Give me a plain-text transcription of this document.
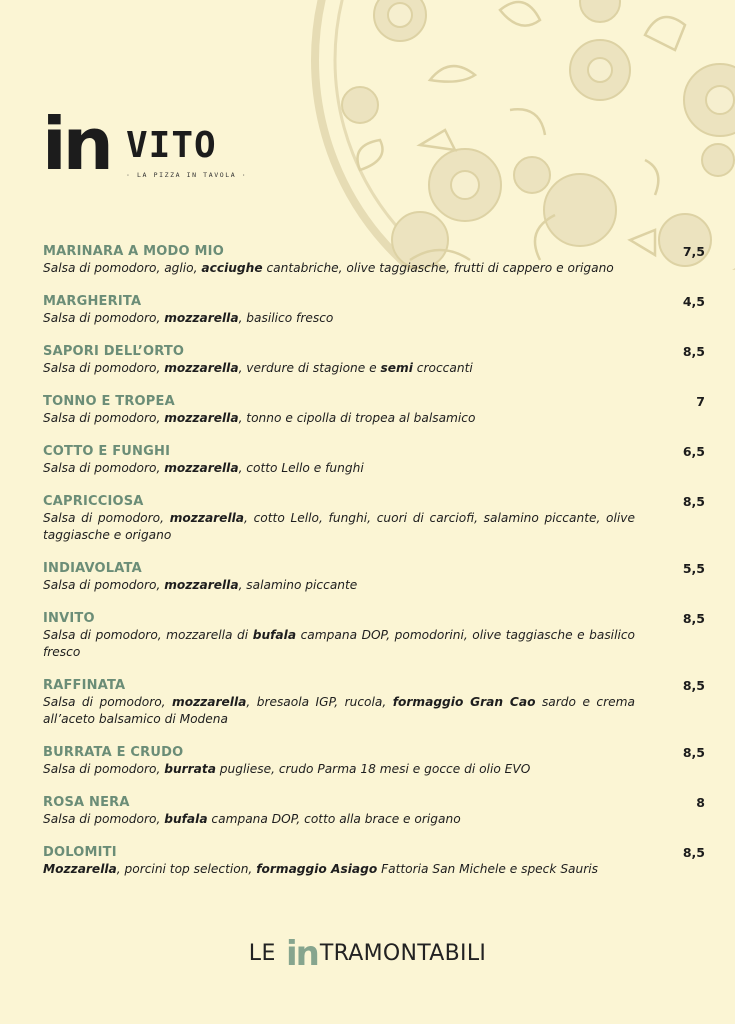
in VITO
· LA PIZZA IN TAVOLA ·
MARINARA A MODO MIO
Salsa di pomodoro, aglio, acciughe cantabriche, olive taggiasche, frutti di cappero e origano
7,5
MARGHERITA
Salsa di pomodoro, mozzarella, basilico fresco
4,5
SAPORI DELL’ORTO
Salsa di pomodoro, mozzarella, verdure di stagione e semi croccanti
8,5
TONNO E TROPEA
Salsa di pomodoro, mozzarella, tonno e cipolla di tropea al balsamico
7
COTTO E FUNGHI
Salsa di pomodoro, mozzarella, cotto Lello e funghi
6,5
CAPRICCIOSA
Salsa di pomodoro, mozzarella, cotto Lello, funghi, cuori di carciofi, salamino piccante, olive taggiasche e origano
8,5
INDIAVOLATA
Salsa di pomodoro, mozzarella, salamino piccante
5,5
INVITO
Salsa di pomodoro, mozzarella di bufala campana DOP, pomodorini, olive taggiasche e basilico fresco
8,5
RAFFINATA
Salsa di pomodoro, mozzarella, bresaola IGP, rucola, formaggio Gran Cao sardo e crema all’aceto balsamico di Modena
8,5
BURRATA E CRUDO
Salsa di pomodoro, burrata pugliese, crudo Parma 18 mesi e gocce di olio EVO
8,5
ROSA NERA
Salsa di pomodoro, bufala campana DOP, cotto alla brace e origano
8
DOLOMITI
Mozzarella, porcini top selection, formaggio Asiago Fattoria San Michele e speck Sauris
8,5
LE inTRAMONTABILI
